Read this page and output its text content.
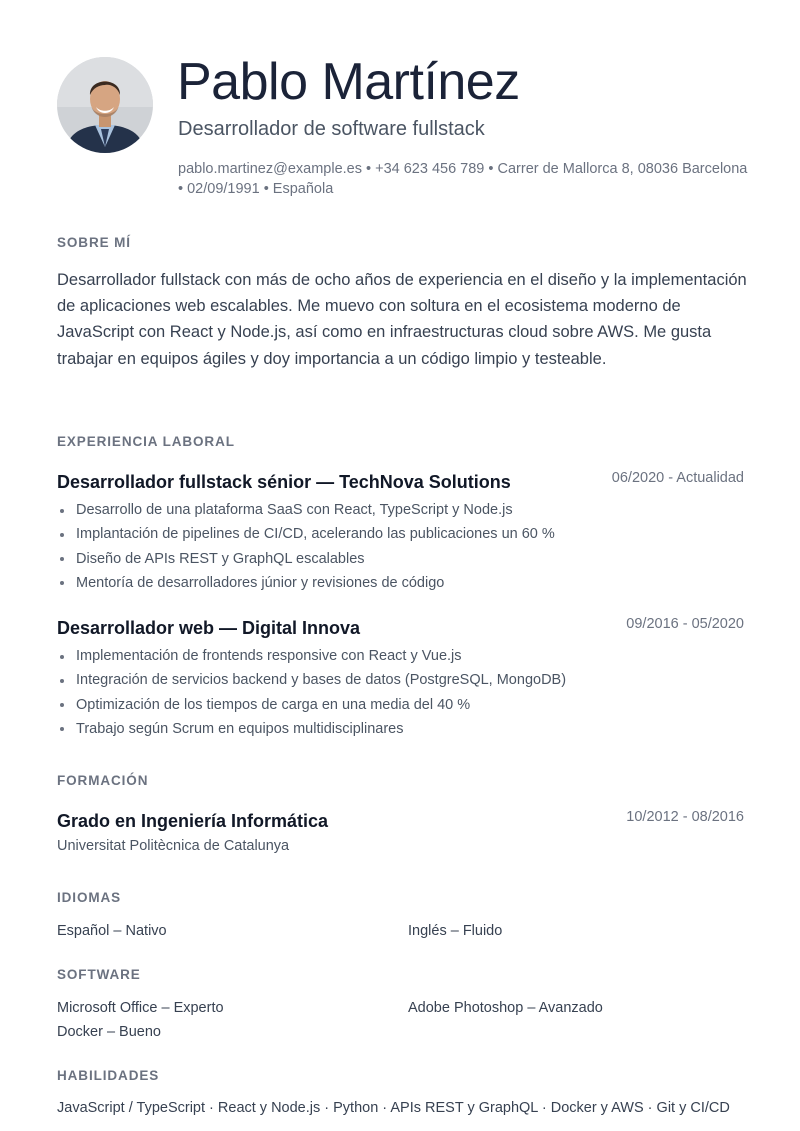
Pablo Martínez
Desarrollador de software fullstack
pablo.martinez@example.es • +34 623 456 789 • Carrer de Mallorca 8, 08036 Barcelona • 02/09/1991 • Española
SOBRE MÍ

Desarrollador fullstack con más de ocho años de experiencia en el diseño y la implementación de aplicaciones web escalables. Me muevo con soltura en el ecosistema moderno de JavaScript con React y Node.js, así como en infraestructuras cloud sobre AWS. Me gusta trabajar en equipos ágiles y doy importancia a un código limpio y testeable.

EXPERIENCIA LABORAL
Desarrollador fullstack sénior — TechNova Solutions	06/2020 - Actualidad
Desarrollo de una plataforma SaaS con React, TypeScript y Node.js
Implantación de pipelines de CI/CD, acelerando las publicaciones un 60 %
Diseño de APIs REST y GraphQL escalables
Mentoría de desarrolladores júnior y revisiones de código
Desarrollador web — Digital Innova	09/2016 - 05/2020
Implementación de frontends responsive con React y Vue.js
Integración de servicios backend y bases de datos (PostgreSQL, MongoDB)
Optimización de los tiempos de carga en una media del 40 %
Trabajo según Scrum en equipos multidisciplinares
FORMACIÓN
Grado en Ingeniería Informática	10/2012 - 08/2016
Universitat Politècnica de Catalunya
IDIOMAS
Español – Nativo	Inglés – Fluido
SOFTWARE
Microsoft Office – Experto	Adobe Photoshop – Avanzado
Docker – Bueno
HABILIDADES
JavaScript / TypeScript · React y Node.js · Python · APIs REST y GraphQL · Docker y AWS · Git y CI/CD
